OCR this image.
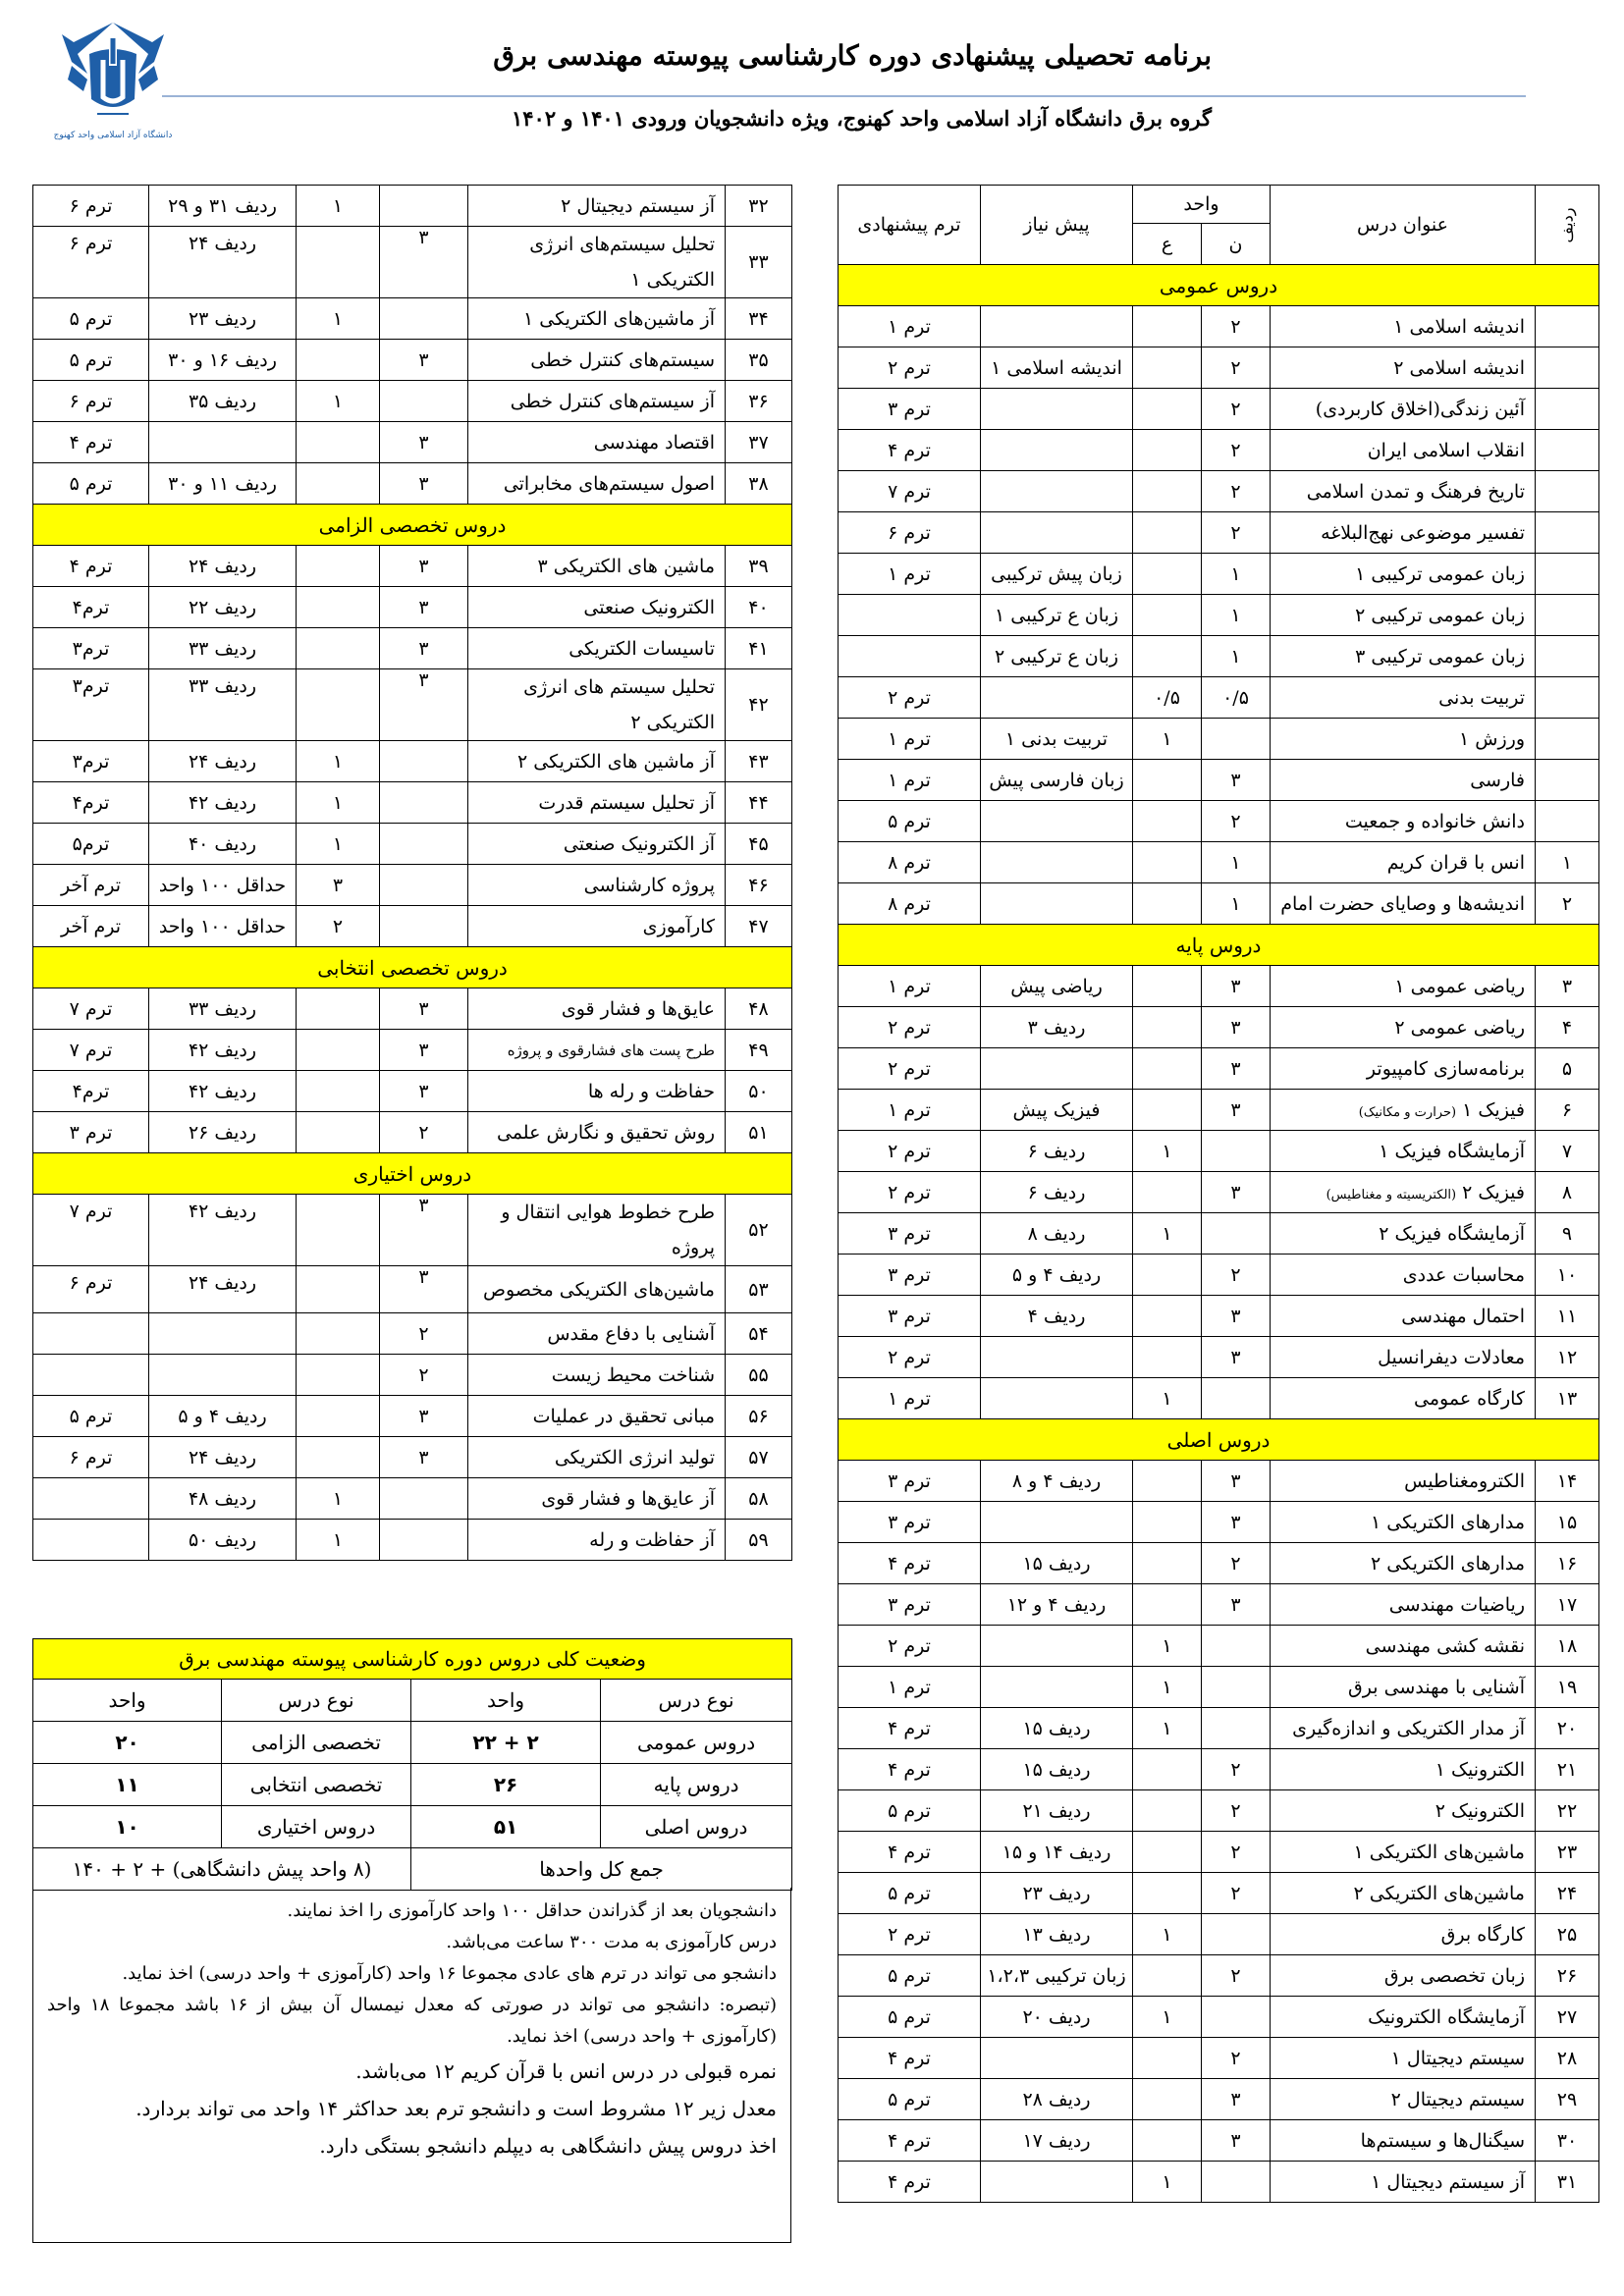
دانشگاه آزاد اسلامی واحد کهنوج
برنامه تحصیلی پیشنهادی دوره کارشناسی پیوسته مهندسی برق
گروه برق دانشگاه آزاد اسلامی واحد کهنوج، ویژه دانشجویان ورودی ۱۴۰۱ و ۱۴۰۲
ردیف	عنوان درس	واحد		پیش نیاز	ترم پیشنهادی
		ن	ع		
دروس عمومی					
	اندیشه اسلامی ۱	۲			ترم ۱
	اندیشه اسلامی ۲	۲		اندیشه اسلامی ۱	ترم ۲
	آئین زندگی(اخلاق کاربردی)	۲			ترم ۳
	انقلاب اسلامی ایران	۲			ترم ۴
	تاریخ فرهنگ و تمدن اسلامی	۲			ترم ۷
	تفسیر موضوعی نهج‌البلاغه	۲			ترم ۶
	زبان عمومی ترکیبی ۱	۱		زبان پیش ترکیبی	ترم ۱
	زبان عمومی ترکیبی ۲	۱		زبان ع ترکیبی ۱	
	زبان عمومی ترکیبی ۳	۱		زبان ع ترکیبی ۲	
	تربیت بدنی	۰/۵	۰/۵		ترم ۲
	ورزش ۱		۱	تربیت بدنی ۱	ترم ۱
	فارسی	۳		زبان فارسی پیش	ترم ۱
	دانش خانواده و جمعیت	۲			ترم ۵
۱	انس با قران کریم	۱			ترم ۸
۲	اندیشه‌ها و وصایای حضرت امام	۱			ترم ۸
دروس پایه					
۳	ریاضی عمومی ۱	۳		ریاضی پیش	ترم ۱
۴	ریاضی عمومی ۲	۳		ردیف ۳	ترم ۲
۵	برنامه‌سازی کامپیوتر	۳			ترم ۲
۶	فیزیک ۱ (حرارت و مکانیک)	۳		فیزیک پیش	ترم ۱
۷	آزمایشگاه فیزیک ۱		۱	ردیف ۶	ترم ۲
۸	فیزیک ۲ (الکتریسیته و مغناطیس)	۳		ردیف ۶	ترم ۲
۹	آزمایشگاه فیزیک ۲		۱	ردیف ۸	ترم ۳
۱۰	محاسبات عددی	۲		ردیف ۴ و ۵	ترم ۳
۱۱	احتمال مهندسی	۳		ردیف ۴	ترم ۳
۱۲	معادلات دیفرانسیل	۳			ترم ۲
۱۳	کارگاه عمومی		۱		ترم ۱
دروس اصلی					
۱۴	الکترومغناطیس	۳		ردیف ۴ و ۸	ترم ۳
۱۵	مدارهای الکتریکی ۱	۳			ترم ۳
۱۶	مدارهای الکتریکی ۲	۲		ردیف ۱۵	ترم ۴
۱۷	ریاضیات مهندسی	۳		ردیف ۴ و ۱۲	ترم ۳
۱۸	نقشه کشی مهندسی		۱		ترم ۲
۱۹	آشنایی با مهندسی برق		۱		ترم ۱
۲۰	آز مدار الکتریکی و اندازه‌گیری		۱	ردیف ۱۵	ترم ۴
۲۱	الکترونیک ۱	۲		ردیف ۱۵	ترم ۴
۲۲	الکترونیک ۲	۲		ردیف ۲۱	ترم ۵
۲۳	ماشین‌های الکتریکی ۱	۲		ردیف ۱۴ و ۱۵	ترم ۴
۲۴	ماشین‌های الکتریکی ۲	۲		ردیف ۲۳	ترم ۵
۲۵	کارگاه برق		۱	ردیف ۱۳	ترم ۲
۲۶	زبان تخصصی برق	۲		زبان ترکیبی ۱،۲،۳	ترم ۵
۲۷	آزمایشگاه الکترونیک		۱	ردیف ۲۰	ترم ۵
۲۸	سیستم دیجیتال ۱	۲			ترم ۴
۲۹	سیستم دیجیتال ۲	۳		ردیف ۲۸	ترم ۵
۳۰	سیگنال‌ها و سیستم‌ها	۳		ردیف ۱۷	ترم ۴
۳۱	آز سیستم دیجیتال ۱		۱		ترم ۴
۳۲	آز سیستم دیجیتال ۲		۱	ردیف ۳۱ و ۲۹	ترم ۶
۳۳	تحلیل سیستم‌های انرژی الکتریکی ۱	۳		ردیف ۲۴	ترم ۶
۳۴	آز ماشین‌های الکتریکی ۱		۱	ردیف ۲۳	ترم ۵
۳۵	سیستم‌های کنترل خطی	۳		ردیف ۱۶ و ۳۰	ترم ۵
۳۶	آز سیستم‌های کنترل خطی		۱	ردیف ۳۵	ترم ۶
۳۷	اقتصاد مهندسی	۳			ترم ۴
۳۸	اصول سیستم‌های مخابراتی	۳		ردیف ۱۱ و ۳۰	ترم ۵
دروس تخصصی الزامی					
۳۹	ماشین های الکتریکی ۳	۳		ردیف ۲۴	ترم ۴
۴۰	الکترونیک صنعتی	۳		ردیف ۲۲	ترم۴
۴۱	تاسیسات الکتریکی	۳		ردیف ۳۳	ترم۳
۴۲	تحلیل سیستم های انرژی الکتریکی ۲	۳		ردیف ۳۳	ترم۳
۴۳	آز ماشین های الکتریکی ۲		۱	ردیف ۲۴	ترم۳
۴۴	آز تحلیل سیستم قدرت		۱	ردیف ۴۲	ترم۴
۴۵	آز الکترونیک صنعتی		۱	ردیف ۴۰	ترم۵
۴۶	پروژه کارشناسی		۳	حداقل ۱۰۰ واحد	ترم آخر
۴۷	کارآموزی		۲	حداقل ۱۰۰ واحد	ترم آخر
دروس تخصصی انتخابی					
۴۸	عایق‌ها و فشار قوی	۳		ردیف ۳۳	ترم ۷
۴۹	طرح پست های فشارقوی و پروژه	۳		ردیف ۴۲	ترم ۷
۵۰	حفاظت و رله ها	۳		ردیف ۴۲	ترم۴
۵۱	روش تحقیق و نگارش علمی	۲		ردیف ۲۶	ترم ۳
دروس اختیاری					
۵۲	طرح خطوط هوایی انتقال و پروژه	۳		ردیف ۴۲	ترم ۷
۵۳	ماشین‌های الکتریکی مخصوص	۳		ردیف ۲۴	ترم ۶
۵۴	آشنایی با دفاع مقدس	۲			
۵۵	شناخت محیط زیست	۲			
۵۶	مبانی تحقیق در عملیات	۳		ردیف ۴ و ۵	ترم ۵
۵۷	تولید انرژی الکتریکی	۳		ردیف ۲۴	ترم ۶
۵۸	آز عایق‌ها و فشار قوی		۱	ردیف ۴۸	
۵۹	آز حفاظت و رله		۱	ردیف ۵۰	
وضعیت کلی دروس دوره کارشناسی پیوسته مهندسی برق			
نوع درس	واحد	نوع درس	واحد
دروس عمومی	۲ + ۲۲	تخصصی الزامی	۲۰
دروس پایه	۲۶	تخصصی انتخابی	۱۱
دروس اصلی	۵۱	دروس اختیاری	۱۰
جمع کل واحدها		(۸ واحد پیش دانشگاهی) + ۲ + ۱۴۰	

دانشجویان بعد از گذراندن حداقل ۱۰۰ واحد کارآموزی را اخذ نمایند.

درس کارآموزی به مدت ۳۰۰ ساعت می‌باشد.

دانشجو می تواند در ترم های عادی مجموعا ۱۶ واحد (کارآموزی + واحد درسی) اخذ نماید.

(تبصره: دانشجو می تواند در صورتی که معدل نیمسال آن بیش از ۱۶ باشد مجموعا ۱۸ واحد (کارآموزی + واحد درسی) اخذ نماید.

نمره قبولی در درس انس با قرآن کریم ۱۲ می‌باشد.

معدل زیر ۱۲ مشروط است و دانشجو ترم بعد حداکثر ۱۴ واحد می تواند بردارد.

اخذ دروس پیش دانشگاهی به دیپلم دانشجو بستگی دارد.
